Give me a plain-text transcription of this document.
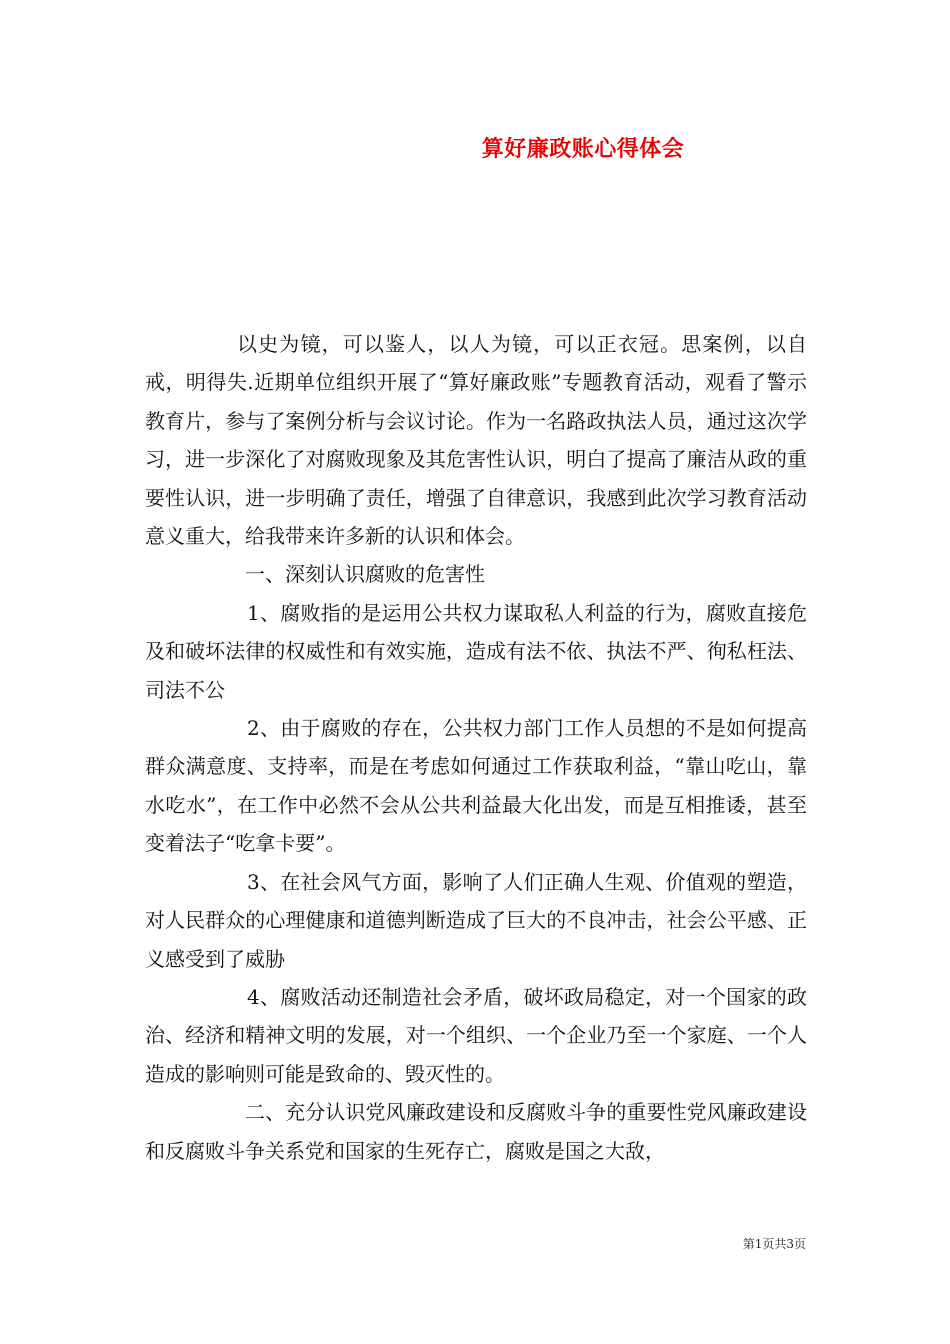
算好廉政账心得体会

以史为镜，可以鉴人，以人为镜，可以正衣冠。思案例，以自戒，明得失.近期单位组织开展了“算好廉政账”专题教育活动，观看了警示教育片，参与了案例分析与会议讨论。作为一名路政执法人员，通过这次学习，进一步深化了对腐败现象及其危害性认识，明白了提高了廉洁从政的重要性认识，进一步明确了责任，增强了自律意识，我感到此次学习教育活动意义重大，给我带来许多新的认识和体会。

一、深刻认识腐败的危害性

1、腐败指的是运用公共权力谋取私人利益的行为，腐败直接危及和破坏法律的权威性和有效实施，造成有法不依、执法不严、徇私枉法、司法不公

2、由于腐败的存在，公共权力部门工作人员想的不是如何提高群众满意度、支持率，而是在考虑如何通过工作获取利益，“靠山吃山，靠水吃水”，在工作中必然不会从公共利益最大化出发，而是互相推诿，甚至变着法子“吃拿卡要”。

3、在社会风气方面，影响了人们正确人生观、价值观的塑造，对人民群众的心理健康和道德判断造成了巨大的不良冲击，社会公平感、正义感受到了威胁

4、腐败活动还制造社会矛盾，破坏政局稳定，对一个国家的政治、经济和精神文明的发展，对一个组织、一个企业乃至一个家庭、一个人造成的影响则可能是致命的、毁灭性的。

二、充分认识党风廉政建设和反腐败斗争的重要性党风廉政建设和反腐败斗争关系党和国家的生死存亡，腐败是国之大敌，

第1页共3页
